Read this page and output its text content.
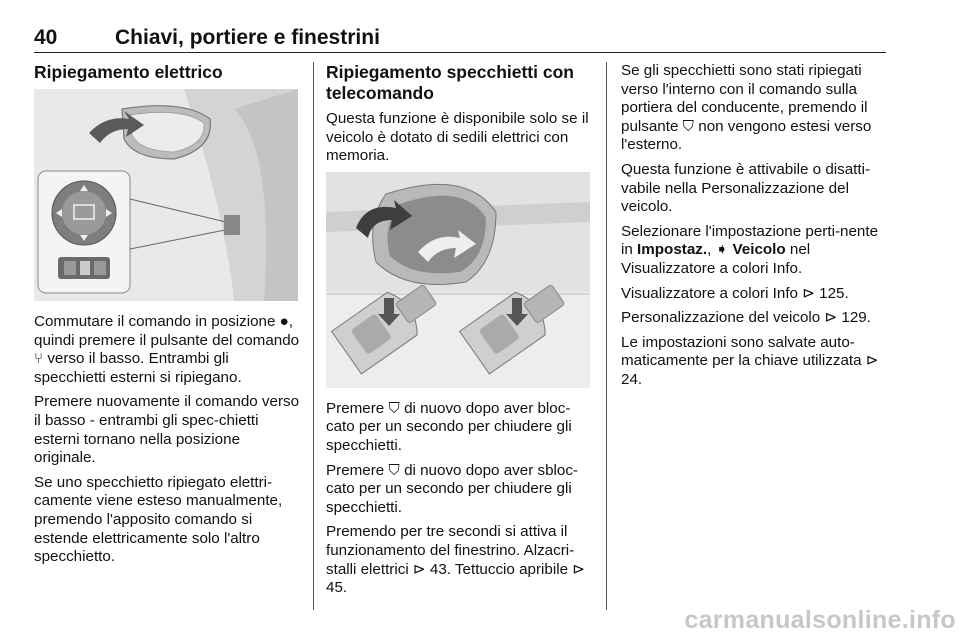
40	Chiavi, portiere e finestrini
Ripiegamento elettrico

Commutare il comando in posizione ●, quindi premere il pulsante del comando ⑂ verso il basso. Entrambi gli specchietti esterni si ripiegano.

Premere nuovamente il comando verso il basso - entrambi gli spec-chietti esterni tornano nella posizione originale.

Se uno specchietto ripiegato elettri-camente viene esteso manualmente, premendo l'apposito comando si estende elettricamente solo l'altro specchietto.

Ripiegamento specchietti con telecomando

Questa funzione è disponibile solo se il veicolo è dotato di sedili elettrici con memoria.

Premere ⛉ di nuovo dopo aver bloc-cato per un secondo per chiudere gli specchietti.

Premere ⛉ di nuovo dopo aver sbloc-cato per un secondo per chiudere gli specchietti.

Premendo per tre secondi si attiva il funzionamento del finestrino. Alzacri-stalli elettrici ⊳ 43. Tettuccio apribile ⊳ 45.

Se gli specchietti sono stati ripiegati verso l'interno con il comando sulla portiera del conducente, premendo il pulsante ⛉ non vengono estesi verso l'esterno.

Questa funzione è attivabile o disatti-vabile nella Personalizzazione del veicolo.

Selezionare l'impostazione perti-nente in Impostaz., ➧ Veicolo nel Visualizzatore a colori Info.

Visualizzatore a colori Info ⊳ 125.

Personalizzazione del veicolo ⊳ 129.

Le impostazioni sono salvate auto-maticamente per la chiave utilizzata ⊳ 24.

carmanualsonline.info
